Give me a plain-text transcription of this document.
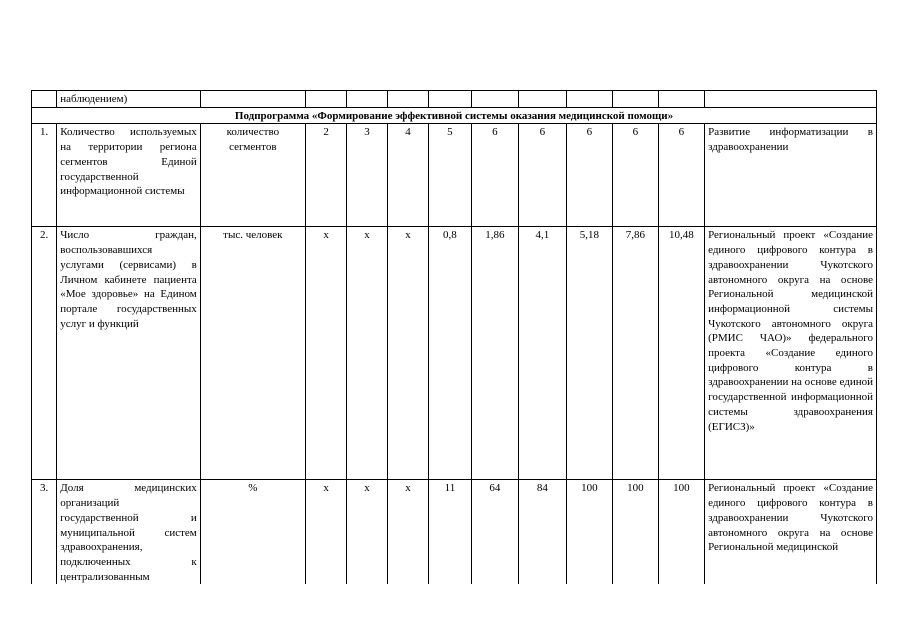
	наблюдением)											
Подпрограмма «Формирование эффективной системы оказания медицинской помощи»												
1.	Количество используемых на территории региона сегментов Единой государственной информационной системы	количество сегментов	2	3	4	5	6	6	6	6	6	Развитие информатизации в здравоохранении
2.	Число граждан, воспользовавшихся услугами (сервисами) в Личном кабинете пациента «Мое здоровье» на Едином портале государственных услуг и функций	тыс. человек	х	х	х	0,8	1,86	4,1	5,18	7,86	10,48	Региональный проект «Создание единого цифрового контура в здравоохранении Чукотского автономного округа на основе Региональной медицинской информационной системы Чукотского автономного округа (РМИС ЧАО)» федерального проекта «Создание единого цифрового контура в здравоохранении на основе единой государственной информационной системы здравоохранения (ЕГИСЗ)»
3.	Доля медицинских организаций государственной и муниципальной систем здравоохранения, подключенных к централизованным	%	х	х	х	11	64	84	100	100	100	Региональный проект «Создание единого цифрового контура в здравоохранении Чукотского автономного округа на основе Региональной медицинской
